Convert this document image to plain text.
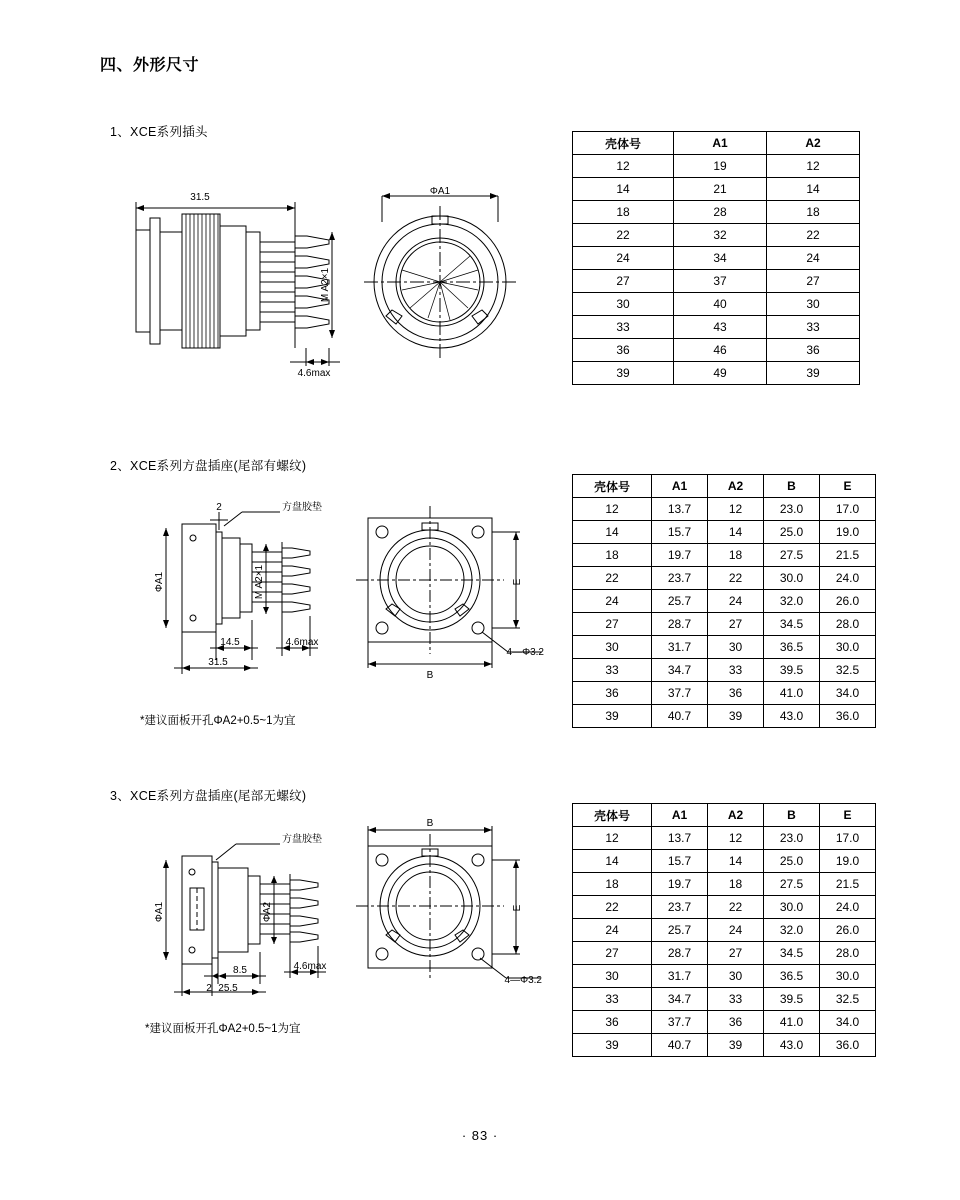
四、外形尺寸
1、XCE系列插头
31.5
4.6max
ΦA1
M A2×1
壳体号	A1	A2
12	19	12
14	21	14
18	28	18
22	32	22
24	34	24
27	37	27
30	40	30
33	43	33
36	46	36
39	49	39
2、XCE系列方盘插座(尾部有螺纹)
2	方盘胶垫
ΦA1	M A2×1
14.5	4.6max
31.5
E
B
4—Φ3.2
*建议面板开孔ΦA2+0.5~1为宜
壳体号	A1	A2	B	E
12	13.7	12	23.0	17.0
14	15.7	14	25.0	19.0
18	19.7	18	27.5	21.5
22	23.7	22	30.0	24.0
24	25.7	24	32.0	26.0
27	28.7	27	34.5	28.0
30	31.7	30	36.5	30.0
33	34.7	33	39.5	32.5
36	37.7	36	41.0	34.0
39	40.7	39	43.0	36.0
3、XCE系列方盘插座(尾部无螺纹)
方盘胶垫
ΦA1	ΦA2
2
8.5	4.6max
25.5
B
E
4—Φ3.2
*建议面板开孔ΦA2+0.5~1为宜
壳体号	A1	A2	B	E
12	13.7	12	23.0	17.0
14	15.7	14	25.0	19.0
18	19.7	18	27.5	21.5
22	23.7	22	30.0	24.0
24	25.7	24	32.0	26.0
27	28.7	27	34.5	28.0
30	31.7	30	36.5	30.0
33	34.7	33	39.5	32.5
36	37.7	36	41.0	34.0
39	40.7	39	43.0	36.0
· 83 ·
